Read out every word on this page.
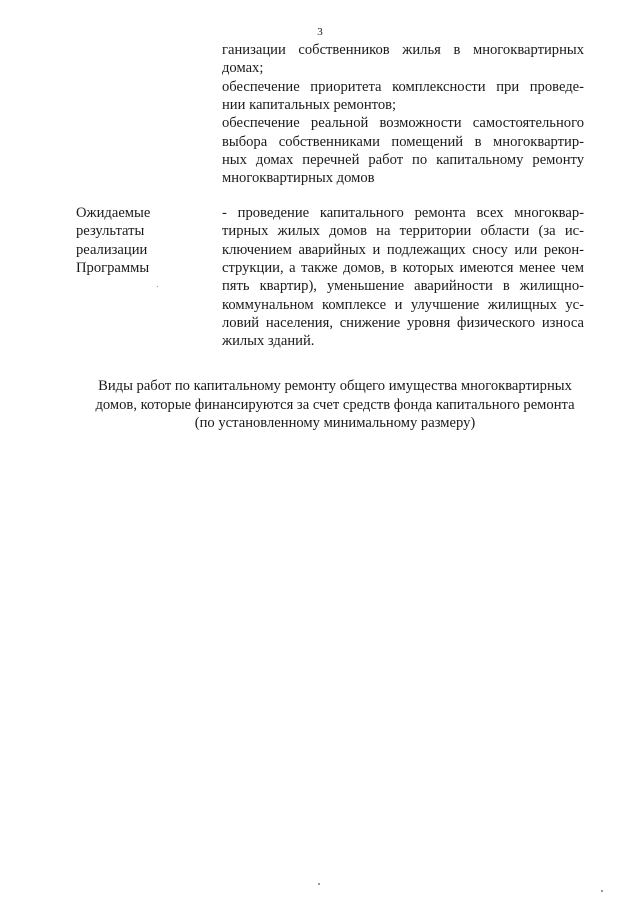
3
ганизации собственников жилья в многоквартирных
домах;
обеспечение приоритета комплексности при проведе-
нии капитальных ремонтов;
обеспечение реальной возможности самостоятельного
выбора собственниками помещений в многоквартир-
ных домах перечней работ по капитальному ремонту
многоквартирных домов
Ожидаемые
результаты
реализации
Программы
- проведение капитального ремонта всех многоквар-
тирных жилых домов на территории области (за ис-
ключением аварийных и подлежащих сносу или рекон-
струкции, а также домов, в которых имеются менее чем
пять квартир), уменьшение аварийности в жилищно-
коммунальном комплексе и улучшение жилищных ус-
ловий населения, снижение уровня физического износа
жилых зданий.
Виды работ по капитальному ремонту общего имущества многоквартирных
домов, которые финансируются за счет средств фонда капитального ремонта
(по установленному минимальному размеру)
